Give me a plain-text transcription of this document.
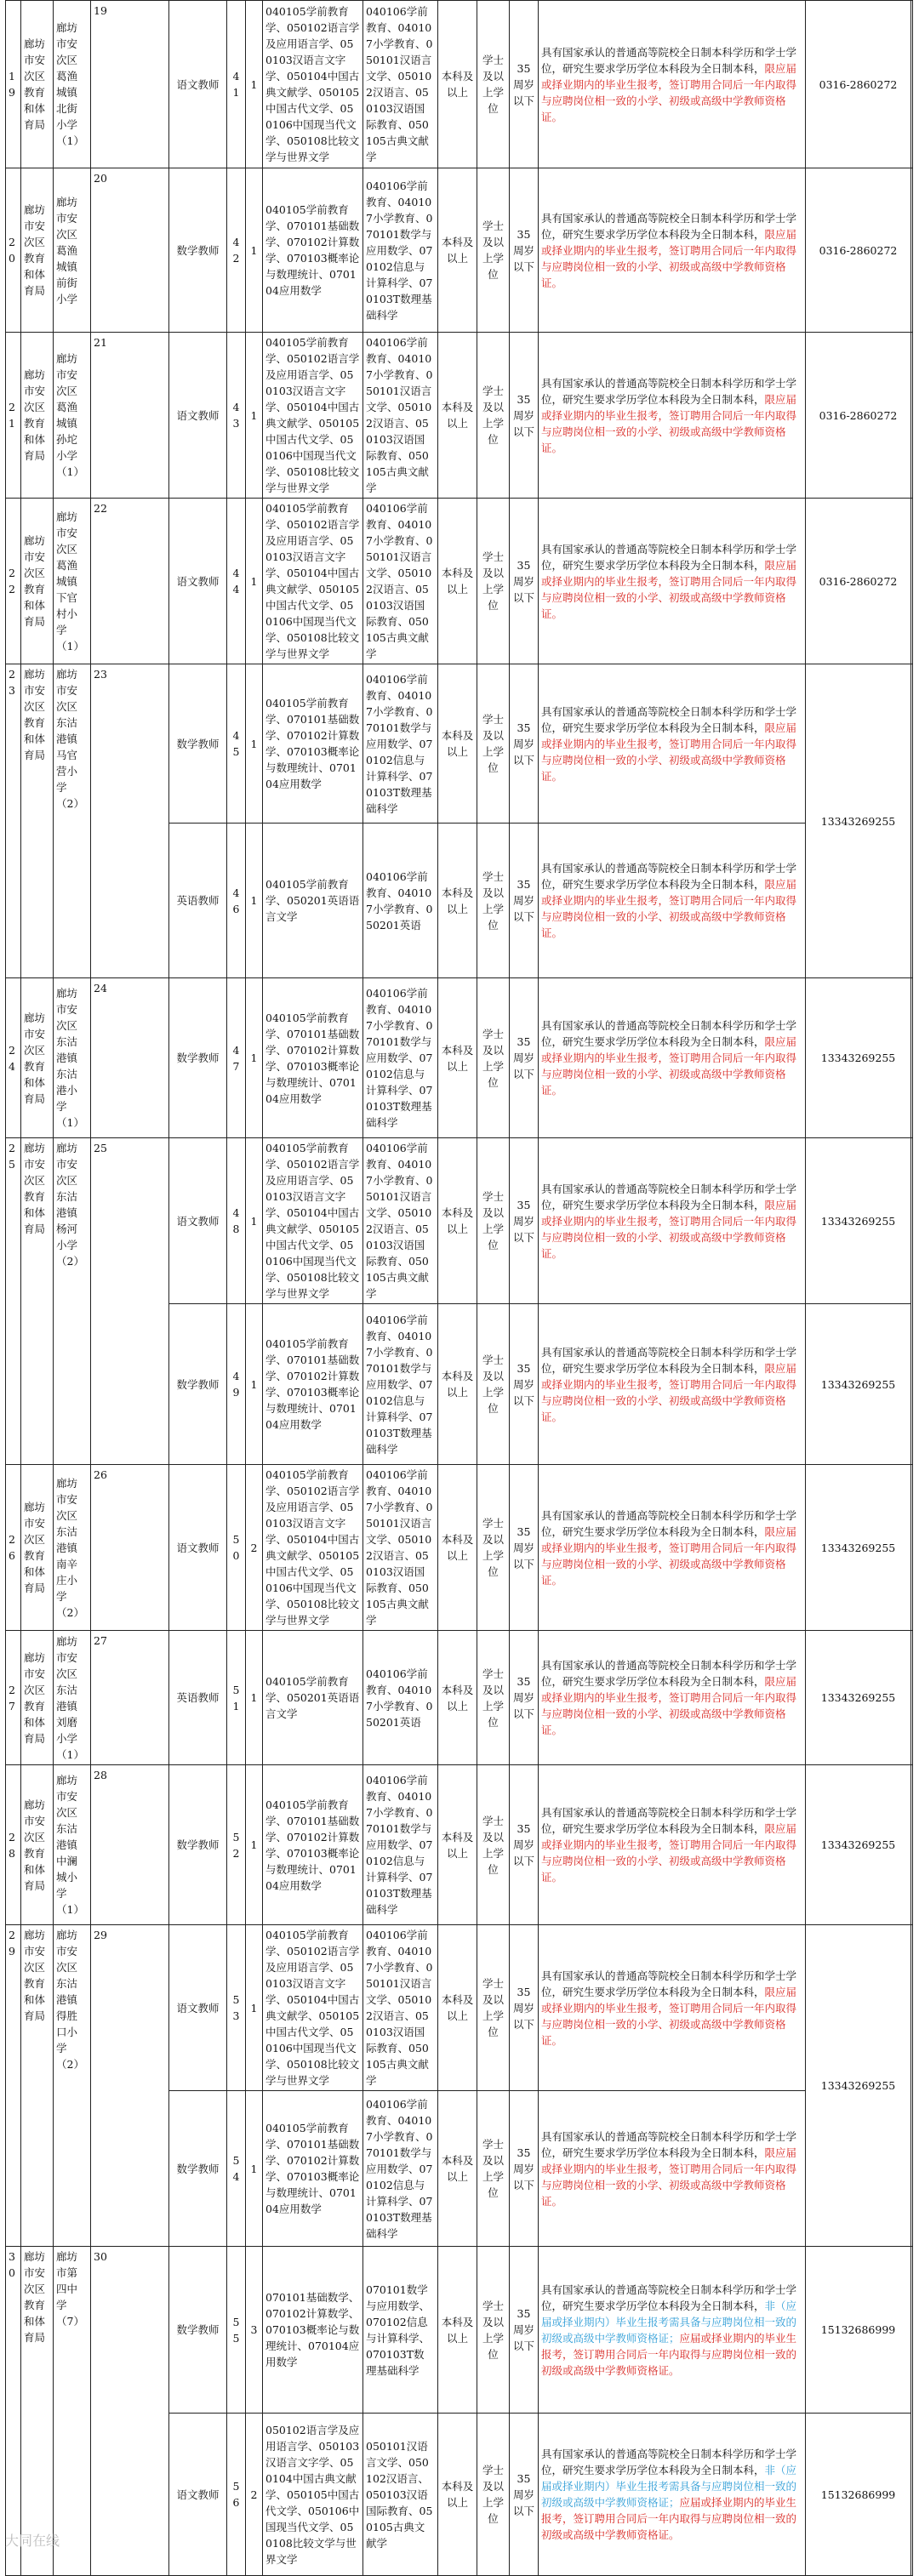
19	廊坊市安次区教育和体育局	廊坊市安次区葛渔城镇北街小学（1）	19	语文教师	41	1	040105学前教育学、050102语言学及应用语言学、050103汉语言文字学、050104中国古典文献学、050105中国古代文学、050106中国现当代文学、050108比较文学与世界文学	040106学前教育、040107小学教育、050101汉语言文学、050102汉语言、050103汉语国际教育、050105古典文献学	本科及以上	学士及以上学位	35周岁以下	具有国家承认的普通高等院校全日制本科学历和学士学位，研究生要求学历学位本科段为全日制本科，限应届或择业期内的毕业生报考，签订聘用合同后一年内取得与应聘岗位相一致的小学、初级或高级中学教师资格证。	0316-2860272	
20	廊坊市安次区教育和体育局	廊坊市安次区葛渔城镇前街小学	20	数学教师	42	1	040105学前教育学、070101基础数学、070102计算数学、070103概率论与数理统计、070104应用数学	040106学前教育、040107小学教育、070101数学与应用数学、070102信息与计算科学、070103T数理基础科学	本科及以上	学士及以上学位	35周岁以下	具有国家承认的普通高等院校全日制本科学历和学士学位，研究生要求学历学位本科段为全日制本科，限应届或择业期内的毕业生报考，签订聘用合同后一年内取得与应聘岗位相一致的小学、初级或高级中学教师资格证。	0316-2860272	
21	廊坊市安次区教育和体育局	廊坊市安次区葛渔城镇孙坨小学（1）	21	语文教师	43	1	040105学前教育学、050102语言学及应用语言学、050103汉语言文字学、050104中国古典文献学、050105中国古代文学、050106中国现当代文学、050108比较文学与世界文学	040106学前教育、040107小学教育、050101汉语言文学、050102汉语言、050103汉语国际教育、050105古典文献学	本科及以上	学士及以上学位	35周岁以下	具有国家承认的普通高等院校全日制本科学历和学士学位，研究生要求学历学位本科段为全日制本科，限应届或择业期内的毕业生报考，签订聘用合同后一年内取得与应聘岗位相一致的小学、初级或高级中学教师资格证。	0316-2860272	
22	廊坊市安次区教育和体育局	廊坊市安次区葛渔城镇下官村小学（1）	22	语文教师	44	1	040105学前教育学、050102语言学及应用语言学、050103汉语言文字学、050104中国古典文献学、050105中国古代文学、050106中国现当代文学、050108比较文学与世界文学	040106学前教育、040107小学教育、050101汉语言文学、050102汉语言、050103汉语国际教育、050105古典文献学	本科及以上	学士及以上学位	35周岁以下	具有国家承认的普通高等院校全日制本科学历和学士学位，研究生要求学历学位本科段为全日制本科，限应届或择业期内的毕业生报考，签订聘用合同后一年内取得与应聘岗位相一致的小学、初级或高级中学教师资格证。	0316-2860272	
23	廊坊市安次区教育和体育局	廊坊市安次区东沽港镇马官营小学（2）	23	数学教师	45	1	040105学前教育学、070101基础数学、070102计算数学、070103概率论与数理统计、070104应用数学	040106学前教育、040107小学教育、070101数学与应用数学、070102信息与计算科学、070103T数理基础科学	本科及以上	学士及以上学位	35周岁以下	具有国家承认的普通高等院校全日制本科学历和学士学位，研究生要求学历学位本科段为全日制本科，限应届或择业期内的毕业生报考，签订聘用合同后一年内取得与应聘岗位相一致的小学、初级或高级中学教师资格证。	13343269255	
				英语教师	46	1	040105学前教育学、050201英语语言文学	040106学前教育、040107小学教育、050201英语	本科及以上	学士及以上学位	35周岁以下	具有国家承认的普通高等院校全日制本科学历和学士学位，研究生要求学历学位本科段为全日制本科，限应届或择业期内的毕业生报考，签订聘用合同后一年内取得与应聘岗位相一致的小学、初级或高级中学教师资格证。		
24	廊坊市安次区教育和体育局	廊坊市安次区东沽港镇东沽港小学（1）	24	数学教师	47	1	040105学前教育学、070101基础数学、070102计算数学、070103概率论与数理统计、070104应用数学	040106学前教育、040107小学教育、070101数学与应用数学、070102信息与计算科学、070103T数理基础科学	本科及以上	学士及以上学位	35周岁以下	具有国家承认的普通高等院校全日制本科学历和学士学位，研究生要求学历学位本科段为全日制本科，限应届或择业期内的毕业生报考，签订聘用合同后一年内取得与应聘岗位相一致的小学、初级或高级中学教师资格证。	13343269255	
25	廊坊市安次区教育和体育局	廊坊市安次区东沽港镇杨河小学（2）	25	语文教师	48	1	040105学前教育学、050102语言学及应用语言学、050103汉语言文字学、050104中国古典文献学、050105中国古代文学、050106中国现当代文学、050108比较文学与世界文学	040106学前教育、040107小学教育、050101汉语言文学、050102汉语言、050103汉语国际教育、050105古典文献学	本科及以上	学士及以上学位	35周岁以下	具有国家承认的普通高等院校全日制本科学历和学士学位，研究生要求学历学位本科段为全日制本科，限应届或择业期内的毕业生报考，签订聘用合同后一年内取得与应聘岗位相一致的小学、初级或高级中学教师资格证。	13343269255	
				数学教师	49	1	040105学前教育学、070101基础数学、070102计算数学、070103概率论与数理统计、070104应用数学	040106学前教育、040107小学教育、070101数学与应用数学、070102信息与计算科学、070103T数理基础科学	本科及以上	学士及以上学位	35周岁以下	具有国家承认的普通高等院校全日制本科学历和学士学位，研究生要求学历学位本科段为全日制本科，限应届或择业期内的毕业生报考，签订聘用合同后一年内取得与应聘岗位相一致的小学、初级或高级中学教师资格证。	13343269255	
26	廊坊市安次区教育和体育局	廊坊市安次区东沽港镇南辛庄小学（2）	26	语文教师	50	2	040105学前教育学、050102语言学及应用语言学、050103汉语言文字学、050104中国古典文献学、050105中国古代文学、050106中国现当代文学、050108比较文学与世界文学	040106学前教育、040107小学教育、050101汉语言文学、050102汉语言、050103汉语国际教育、050105古典文献学	本科及以上	学士及以上学位	35周岁以下	具有国家承认的普通高等院校全日制本科学历和学士学位，研究生要求学历学位本科段为全日制本科，限应届或择业期内的毕业生报考，签订聘用合同后一年内取得与应聘岗位相一致的小学、初级或高级中学教师资格证。	13343269255	
27	廊坊市安次区教育和体育局	廊坊市安次区东沽港镇刘磨小学（1）	27	英语教师	51	1	040105学前教育学、050201英语语言文学	040106学前教育、040107小学教育、050201英语	本科及以上	学士及以上学位	35周岁以下	具有国家承认的普通高等院校全日制本科学历和学士学位，研究生要求学历学位本科段为全日制本科，限应届或择业期内的毕业生报考，签订聘用合同后一年内取得与应聘岗位相一致的小学、初级或高级中学教师资格证。	13343269255	
28	廊坊市安次区教育和体育局	廊坊市安次区东沽港镇中澜城小学（1）	28	数学教师	52	1	040105学前教育学、070101基础数学、070102计算数学、070103概率论与数理统计、070104应用数学	040106学前教育、040107小学教育、070101数学与应用数学、070102信息与计算科学、070103T数理基础科学	本科及以上	学士及以上学位	35周岁以下	具有国家承认的普通高等院校全日制本科学历和学士学位，研究生要求学历学位本科段为全日制本科，限应届或择业期内的毕业生报考，签订聘用合同后一年内取得与应聘岗位相一致的小学、初级或高级中学教师资格证。	13343269255	
29	廊坊市安次区教育和体育局	廊坊市安次区东沽港镇得胜口小学（2）	29	语文教师	53	1	040105学前教育学、050102语言学及应用语言学、050103汉语言文字学、050104中国古典文献学、050105中国古代文学、050106中国现当代文学、050108比较文学与世界文学	040106学前教育、040107小学教育、050101汉语言文学、050102汉语言、050103汉语国际教育、050105古典文献学	本科及以上	学士及以上学位	35周岁以下	具有国家承认的普通高等院校全日制本科学历和学士学位，研究生要求学历学位本科段为全日制本科，限应届或择业期内的毕业生报考，签订聘用合同后一年内取得与应聘岗位相一致的小学、初级或高级中学教师资格证。	13343269255	
				数学教师	54	1	040105学前教育学、070101基础数学、070102计算数学、070103概率论与数理统计、070104应用数学	040106学前教育、040107小学教育、070101数学与应用数学、070102信息与计算科学、070103T数理基础科学	本科及以上	学士及以上学位	35周岁以下	具有国家承认的普通高等院校全日制本科学历和学士学位，研究生要求学历学位本科段为全日制本科，限应届或择业期内的毕业生报考，签订聘用合同后一年内取得与应聘岗位相一致的小学、初级或高级中学教师资格证。		
30	廊坊市安次区教育和体育局	廊坊市第四中学（7）	30	数学教师	55	3	070101基础数学、070102计算数学、070103概率论与数理统计、070104应用数学	070101数学与应用数学、070102信息与计算科学、070103T数理基础科学	本科及以上	学士及以上学位	35周岁以下	具有国家承认的普通高等院校全日制本科学历和学士学位，研究生要求学历学位本科段为全日制本科，非（应届或择业期内）毕业生报考需具备与应聘岗位相一致的初级或高级中学教师资格证；应届或择业期内的毕业生报考，签订聘用合同后一年内取得与应聘岗位相一致的初级或高级中学教师资格证。	15132686999	
				语文教师	56	2	050102语言学及应用语言学、050103汉语言文字学、050104中国古典文献学、050105中国古代文学、050106中国现当代文学、050108比较文学与世界文学	050101汉语言文学、050102汉语言、050103汉语国际教育、050105古典文献学	本科及以上	学士及以上学位	35周岁以下	具有国家承认的普通高等院校全日制本科学历和学士学位，研究生要求学历学位本科段为全日制本科，非（应届或择业期内）毕业生报考需具备与应聘岗位相一致的初级或高级中学教师资格证；应届或择业期内的毕业生报考，签订聘用合同后一年内取得与应聘岗位相一致的初级或高级中学教师资格证。	15132686999	
大同在线
